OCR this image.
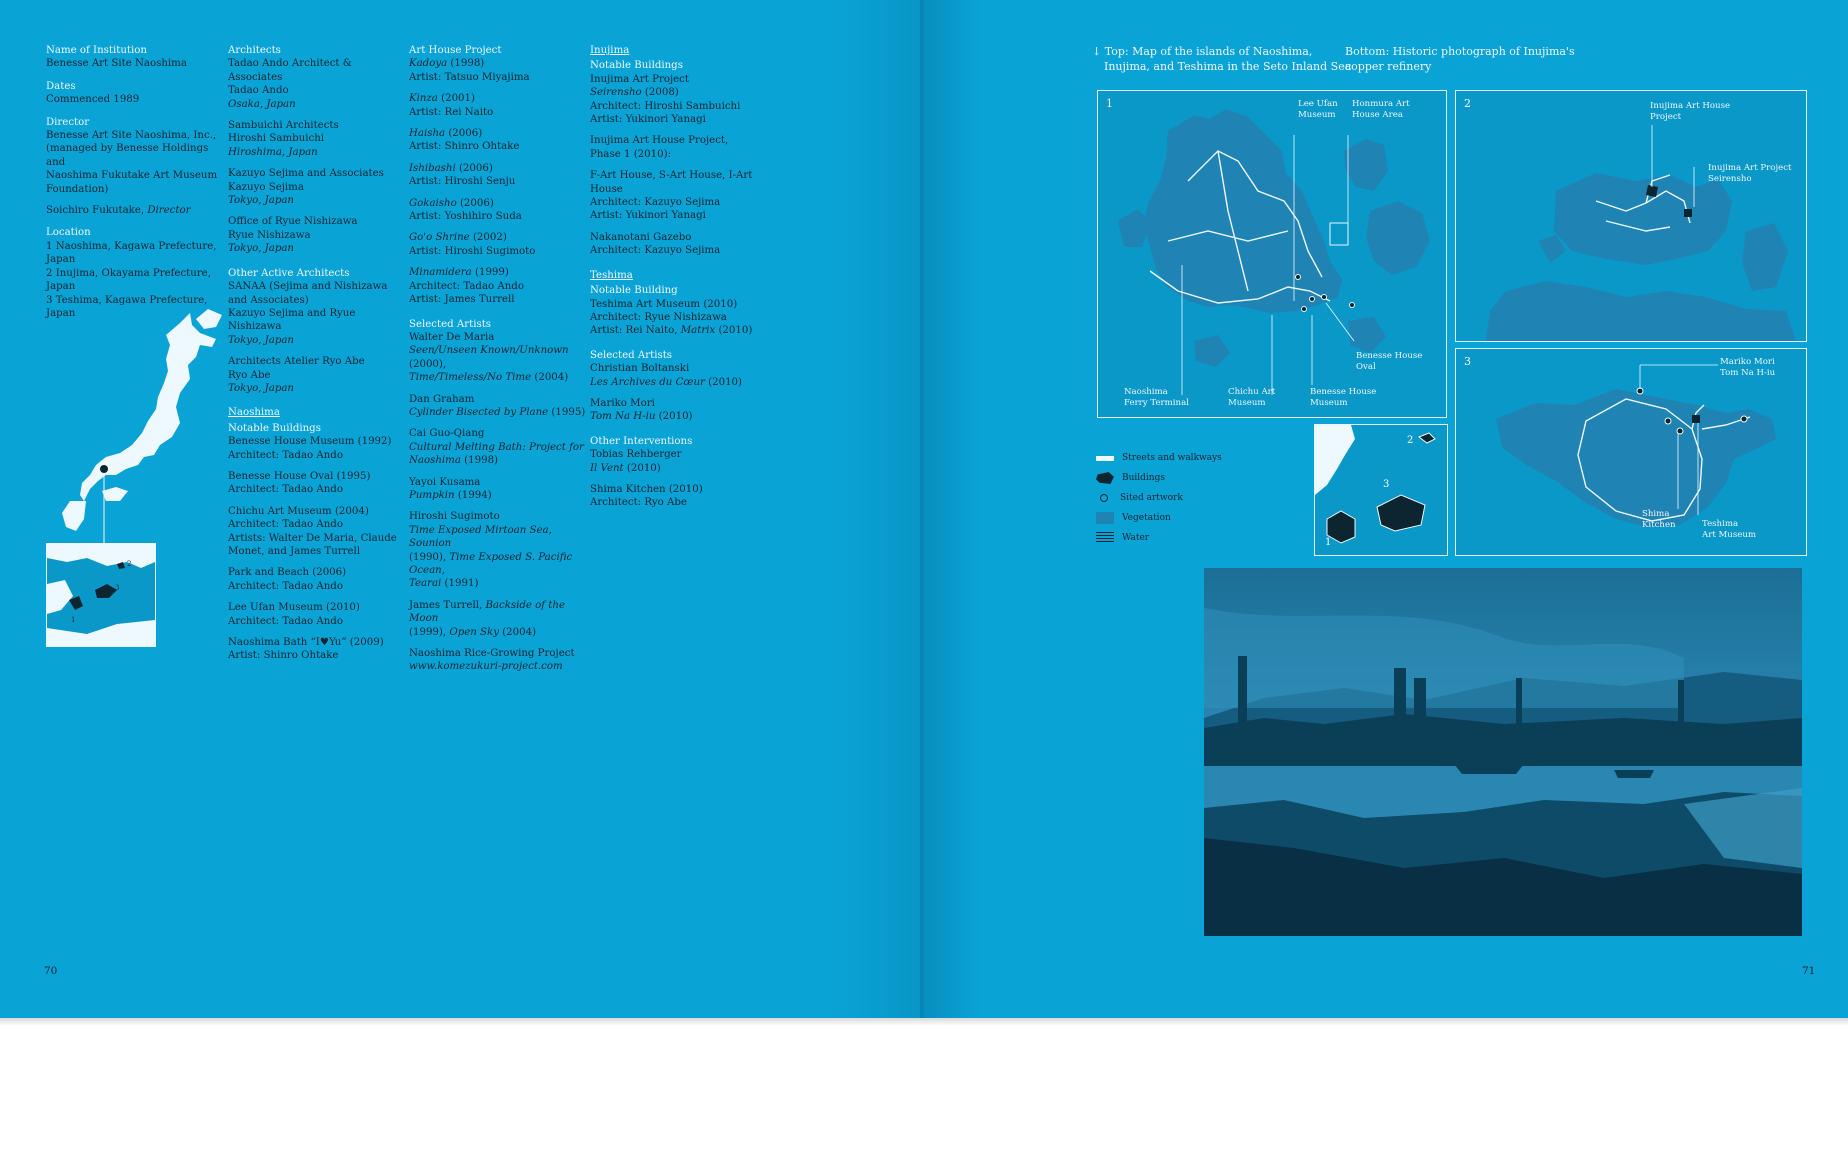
Name of Institution
Benesse Art Site Naoshima
Dates
Commenced 1989
Director
Benesse Art Site Naoshima, Inc.,
(managed by Benesse Holdings and
Naoshima Fukutake Art Museum
Foundation)
Soichiro Fukutake, Director
Location
1 Naoshima, Kagawa Prefecture, Japan
2 Inujima, Okayama Prefecture, Japan
3 Teshima, Kagawa Prefecture, Japan
1
2
3
Architects
Tadao Ando Architect & Associates
Tadao Ando
Osaka, Japan
Sambuichi Architects
Hiroshi Sambuichi
Hiroshima, Japan
Kazuyo Sejima and Associates
Kazuyo Sejima
Tokyo, Japan
Office of Ryue Nishizawa
Ryue Nishizawa
Tokyo, Japan
Other Active Architects
SANAA (Sejima and Nishizawa
and Associates)
Kazuyo Sejima and Ryue Nishizawa
Tokyo, Japan
Architects Atelier Ryo Abe
Ryo Abe
Tokyo, Japan
Naoshima
Notable Buildings
Benesse House Museum (1992)
Architect: Tadao Ando
Benesse House Oval (1995)
Architect: Tadao Ando
Chichu Art Museum (2004)
Architect: Tadao Ando
Artists: Walter De Maria, Claude
Monet, and James Turrell
Park and Beach (2006)
Architect: Tadao Ando
Lee Ufan Museum (2010)
Architect: Tadao Ando
Naoshima Bath “I♥Yu” (2009)
Artist: Shinro Ohtake
Art House Project
Kadoya (1998)
Artist: Tatsuo Miyajima
Kinza (2001)
Artist: Rei Naito
Haisha (2006)
Artist: Shinro Ohtake
Ishibashi (2006)
Artist: Hiroshi Senju
Gokaisho (2006)
Artist: Yoshihiro Suda
Go'o Shrine (2002)
Artist: Hiroshi Sugimoto
Minamidera (1999)
Architect: Tadao Ando
Artist: James Turrell
Selected Artists
Walter De Maria
Seen/Unseen Known/Unknown (2000),
Time/Timeless/No Time (2004)
Dan Graham
Cylinder Bisected by Plane (1995)
Cai Guo-Qiang
Cultural Melting Bath: Project for
Naoshima (1998)
Yayoi Kusama
Pumpkin (1994)
Hiroshi Sugimoto
Time Exposed Mirtoan Sea, Sounion
(1990), Time Exposed S. Pacific Ocean,
Tearai (1991)
James Turrell, Backside of the Moon
(1999), Open Sky (2004)
Naoshima Rice-Growing Project
www.komezukuri-project.com
Inujima
Notable Buildings
Inujima Art Project
Seirensho (2008)
Architect: Hiroshi Sambuichi
Artist: Yukinori Yanagi
Inujima Art House Project,
Phase 1 (2010):
F-Art House, S-Art House, I-Art House
Architect: Kazuyo Sejima
Artist: Yukinori Yanagi
Nakanotani Gazebo
Architect: Kazuyo Sejima
Teshima
Notable Building
Teshima Art Museum (2010)
Architect: Ryue Nishizawa
Artist: Rei Naito, Matrix (2010)
Selected Artists
Christian Boltanski
Les Archives du Cœur (2010)
Mariko Mori
Tom Na H-iu (2010)
Other Interventions
Tobias Rehberger
Il Vent (2010)
Shima Kitchen (2010)
Architect: Ryo Abe
70
↓ Top: Map of the islands of Naoshima,
Inujima, and Teshima in the Seto Inland Sea
Bottom: Historic photograph of Inujima's
copper refinery
1	Lee Ufan
Museum
Honmura Art
House Area
Benesse House
Oval
Naoshima
Ferry Terminal
Chichu Art
Museum
Benesse House
Museum
2	Inujima Art House
Project
Inujima Art Project
Seirensho
3	Mariko Mori
Tom Na H-iu
Shima
Kitchen	Teshima
Art Museum
1
2
3
Streets and walkways
Buildings
Sited artwork
Vegetation
Water
71
